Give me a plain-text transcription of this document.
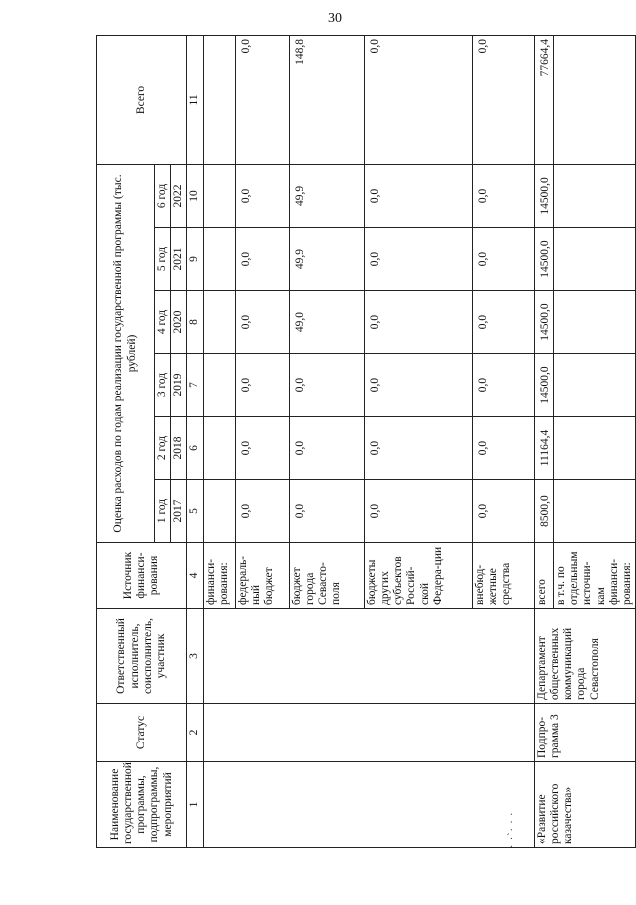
30
Наименование государственной программы, подпрограммы, мероприятий	Статус	Ответственный исполнитель, соисполнитель, участник	Источник финанси-рования	Оценка расходов по годам реализации государственной программы (тыс. рублей)						Всего
				1 год	2 год	3 год	4 год	5 год	6 год	
				2017	2018	2019	2020	2021	2022	
1	2	3	4	5	6	7	8	9	10	11
			финанси-рования:							
			федераль-ный бюджет	0,0	0,0	0,0	0,0	0,0	0,0	0,0
			бюджет города Севасто-поля	0,0	0,0	0,0	49,0	49,9	49,9	148,8
			бюджеты других субъектов Россий-ской Федера-ции	0,0	0,0	0,0	0,0	0,0	0,0	0,0
			внебюд-жетные средства	0,0	0,0	0,0	0,0	0,0	0,0	0,0
«Развитие российского казачества»	Подпро-грамма 3	Департамент общественных коммуникаций города Севастополя	всего	8500,0	11164,4	14500,0	14500,0	14500,0	14500,0	77664,4
			в т.ч. по отдельным источни-кам финанси-рования:							
· ·`· · ·
